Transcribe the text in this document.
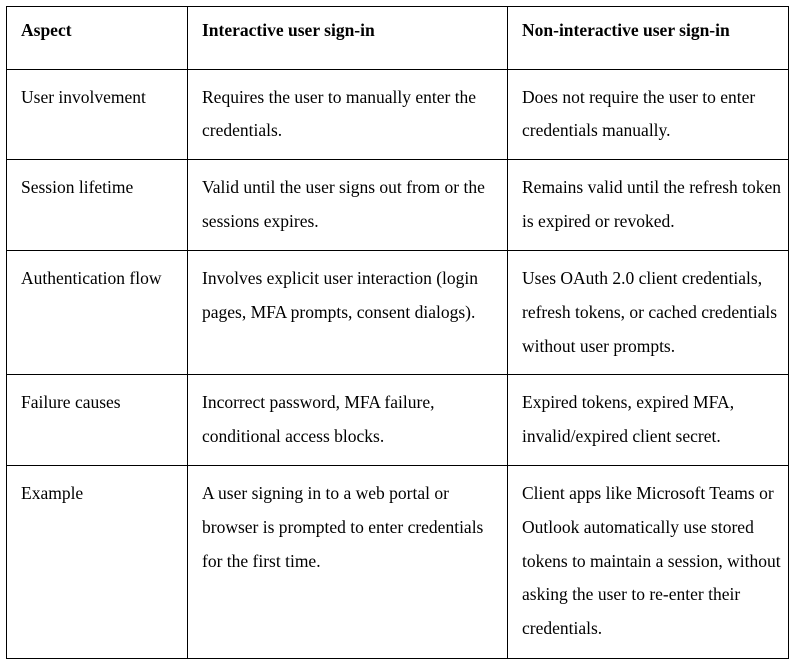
Aspect	Interactive user sign-in	Non-interactive user sign-in
User involvement	Requires the user to manually enter the credentials.	Does not require the user to enter credentials manually.
Session lifetime	Valid until the user signs out from or the sessions expires.	Remains valid until the refresh token is expired or revoked.
Authentication flow	Involves explicit user interaction (login pages, MFA prompts, consent dialogs).	Uses OAuth 2.0 client credentials, refresh tokens, or cached credentials without user prompts.
Failure causes	Incorrect password, MFA failure, conditional access blocks.	Expired tokens, expired MFA, invalid/expired client secret.
Example	A user signing in to a web portal or browser is prompted to enter credentials for the first time.	Client apps like Microsoft Teams or Outlook automatically use stored tokens to maintain a session, without asking the user to re-enter their credentials.
